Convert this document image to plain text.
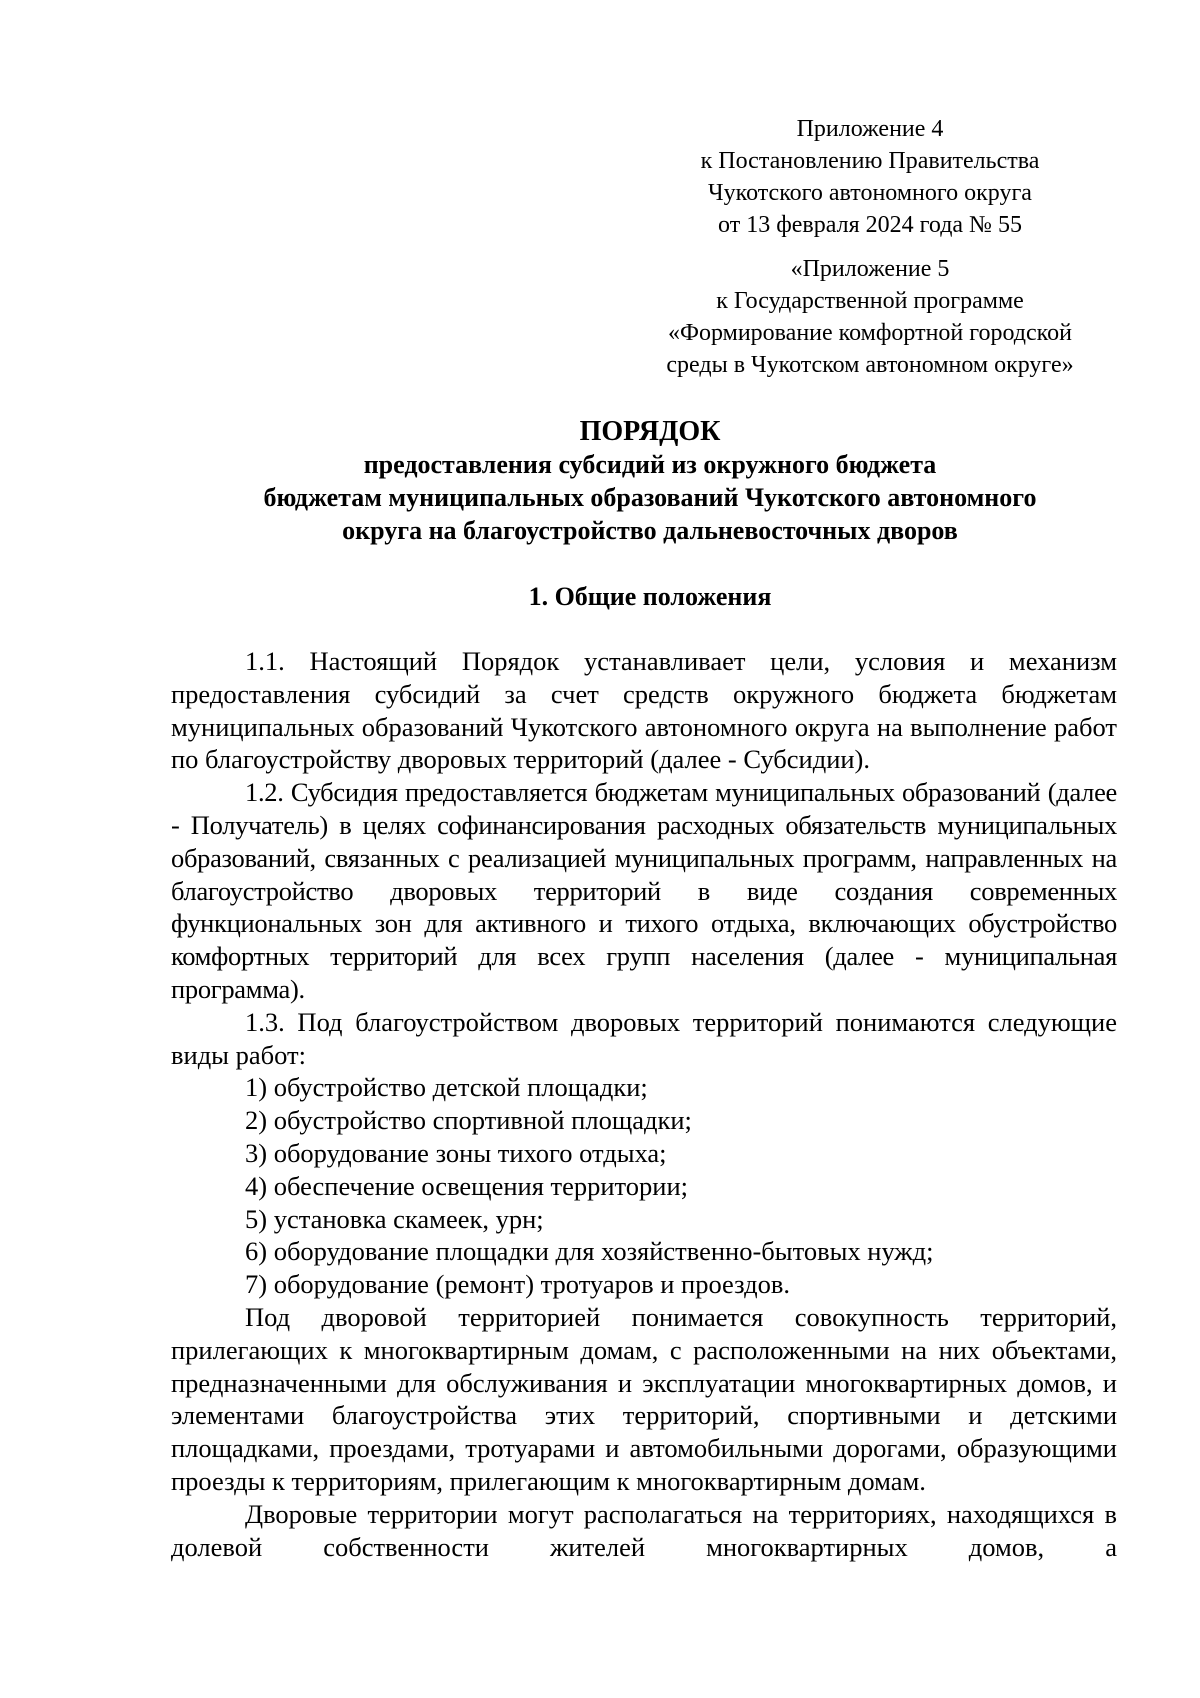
Приложение 4
к Постановлению Правительства
Чукотского автономного округа
от 13 февраля 2024 года № 55
«Приложение 5
к Государственной программе
«Формирование комфортной городской
среды в Чукотском автономном округе»
ПОРЯДОК
предоставления субсидий из окружного бюджета
бюджетам муниципальных образований Чукотского автономного
округа на благоустройство дальневосточных дворов
1. Общие положения

1.1. Настоящий Порядок устанавливает цели, условия и механизм предоставления субсидий за счет средств окружного бюджета бюджетам муниципальных образований Чукотского автономного округа на выполнение работ по благоустройству дворовых территорий (далее - Субсидии).

1.2. Субсидия предоставляется бюджетам муниципальных образований (далее - Получатель) в целях софинансирования расходных обязательств муниципальных образований, связанных с реализацией муниципальных программ, направленных на благоустройство дворовых территорий в виде создания современных функциональных зон для активного и тихого отдыха, включающих обустройство комфортных территорий для всех групп населения (далее - муниципальная программа).

1.3. Под благоустройством дворовых территорий понимаются следующие виды работ:

1) обустройство детской площадки;
2) обустройство спортивной площадки;
3) оборудование зоны тихого отдыха;
4) обеспечение освещения территории;
5) установка скамеек, урн;
6) оборудование площадки для хозяйственно-бытовых нужд;
7) оборудование (ремонт) тротуаров и проездов.

Под дворовой территорией понимается совокупность территорий, прилегающих к многоквартирным домам, с расположенными на них объектами, предназначенными для обслуживания и эксплуатации многоквартирных домов, и элементами благоустройства этих территорий, спортивными и детскими площадками, проездами, тротуарами и автомобильными дорогами, образующими проезды к территориям, прилегающим к многоквартирным домам.

Дворовые территории могут располагаться на территориях, находящихся в долевой собственности жителей многоквартирных домов, а
